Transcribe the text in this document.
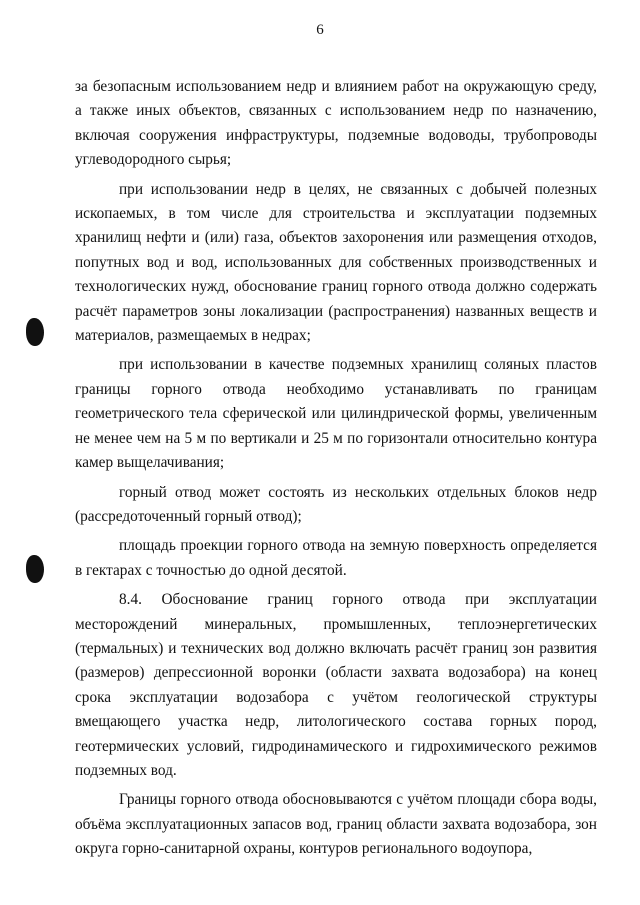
6

за безопасным использованием недр и влиянием работ на окружающую среду, а также иных объектов, связанных с использованием недр по назначению, включая сооружения инфраструктуры, подземные водоводы, трубопроводы углеводородного сырья;

при использовании недр в целях, не связанных с добычей полезных ископаемых, в том числе для строительства и эксплуатации подземных хранилищ нефти и (или) газа, объектов захоронения или размещения отходов, попутных вод и вод, использованных для собственных производственных и технологических нужд, обоснование границ горного отвода должно содержать расчёт параметров зоны локализации (распространения) названных веществ и материалов, размещаемых в недрах;

при использовании в качестве подземных хранилищ соляных пластов границы горного отвода необходимо устанавливать по границам геометрического тела сферической или цилиндрической формы, увеличенным не менее чем на 5 м по вертикали и 25 м по горизонтали относительно контура камер выщелачивания;

горный отвод может состоять из нескольких отдельных блоков недр (рассредоточенный горный отвод);

площадь проекции горного отвода на земную поверхность определяется в гектарах с точностью до одной десятой.

8.4. Обоснование границ горного отвода при эксплуатации месторождений минеральных, промышленных, теплоэнергетических (термальных) и технических вод должно включать расчёт границ зон развития (размеров) депрессионной воронки (области захвата водозабора) на конец срока эксплуатации водозабора с учётом геологической структуры вмещающего участка недр, литологического состава горных пород, геотермических условий, гидродинамического и гидрохимического режимов подземных вод.

Границы горного отвода обосновываются с учётом площади сбора воды, объёма эксплуатационных запасов вод, границ области захвата водозабора, зон округа горно-санитарной охраны, контуров регионального водоупора,
